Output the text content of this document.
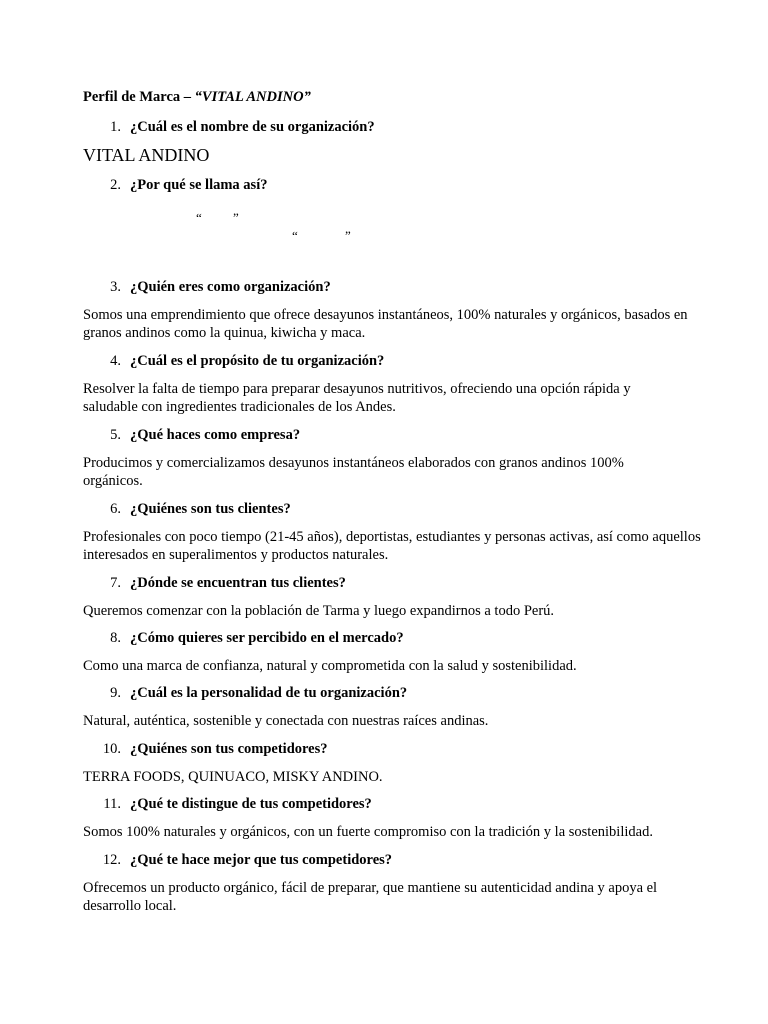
Perfil de Marca – “VITAL ANDINO”
1. ¿Cuál es el nombre de su organización?
VITAL ANDINO
2. ¿Por qué se llama así?
“ ”
“	”
3. ¿Quién eres como organización?
Somos una emprendimiento que ofrece desayunos instantáneos, 100% naturales y orgánicos, basados en granos andinos como la quinua, kiwicha y maca.
4. ¿Cuál es el propósito de tu organización?
Resolver la falta de tiempo para preparar desayunos nutritivos, ofreciendo una opción rápida y saludable con ingredientes tradicionales de los Andes.
5. ¿Qué haces como empresa?
Producimos y comercializamos desayunos instantáneos elaborados con granos andinos 100% orgánicos.
6. ¿Quiénes son tus clientes?
Profesionales con poco tiempo (21-45 años), deportistas, estudiantes y personas activas, así como aquellos interesados en superalimentos y productos naturales.
7. ¿Dónde se encuentran tus clientes?
Queremos comenzar con la población de Tarma y luego expandirnos a todo Perú.
8. ¿Cómo quieres ser percibido en el mercado?
Como una marca de confianza, natural y comprometida con la salud y sostenibilidad.
9. ¿Cuál es la personalidad de tu organización?
Natural, auténtica, sostenible y conectada con nuestras raíces andinas.
10. ¿Quiénes son tus competidores?
TERRA FOODS, QUINUACO, MISKY ANDINO.
11. ¿Qué te distingue de tus competidores?
Somos 100% naturales y orgánicos, con un fuerte compromiso con la tradición y la sostenibilidad.
12. ¿Qué te hace mejor que tus competidores?
Ofrecemos un producto orgánico, fácil de preparar, que mantiene su autenticidad andina y apoya el desarrollo local.
